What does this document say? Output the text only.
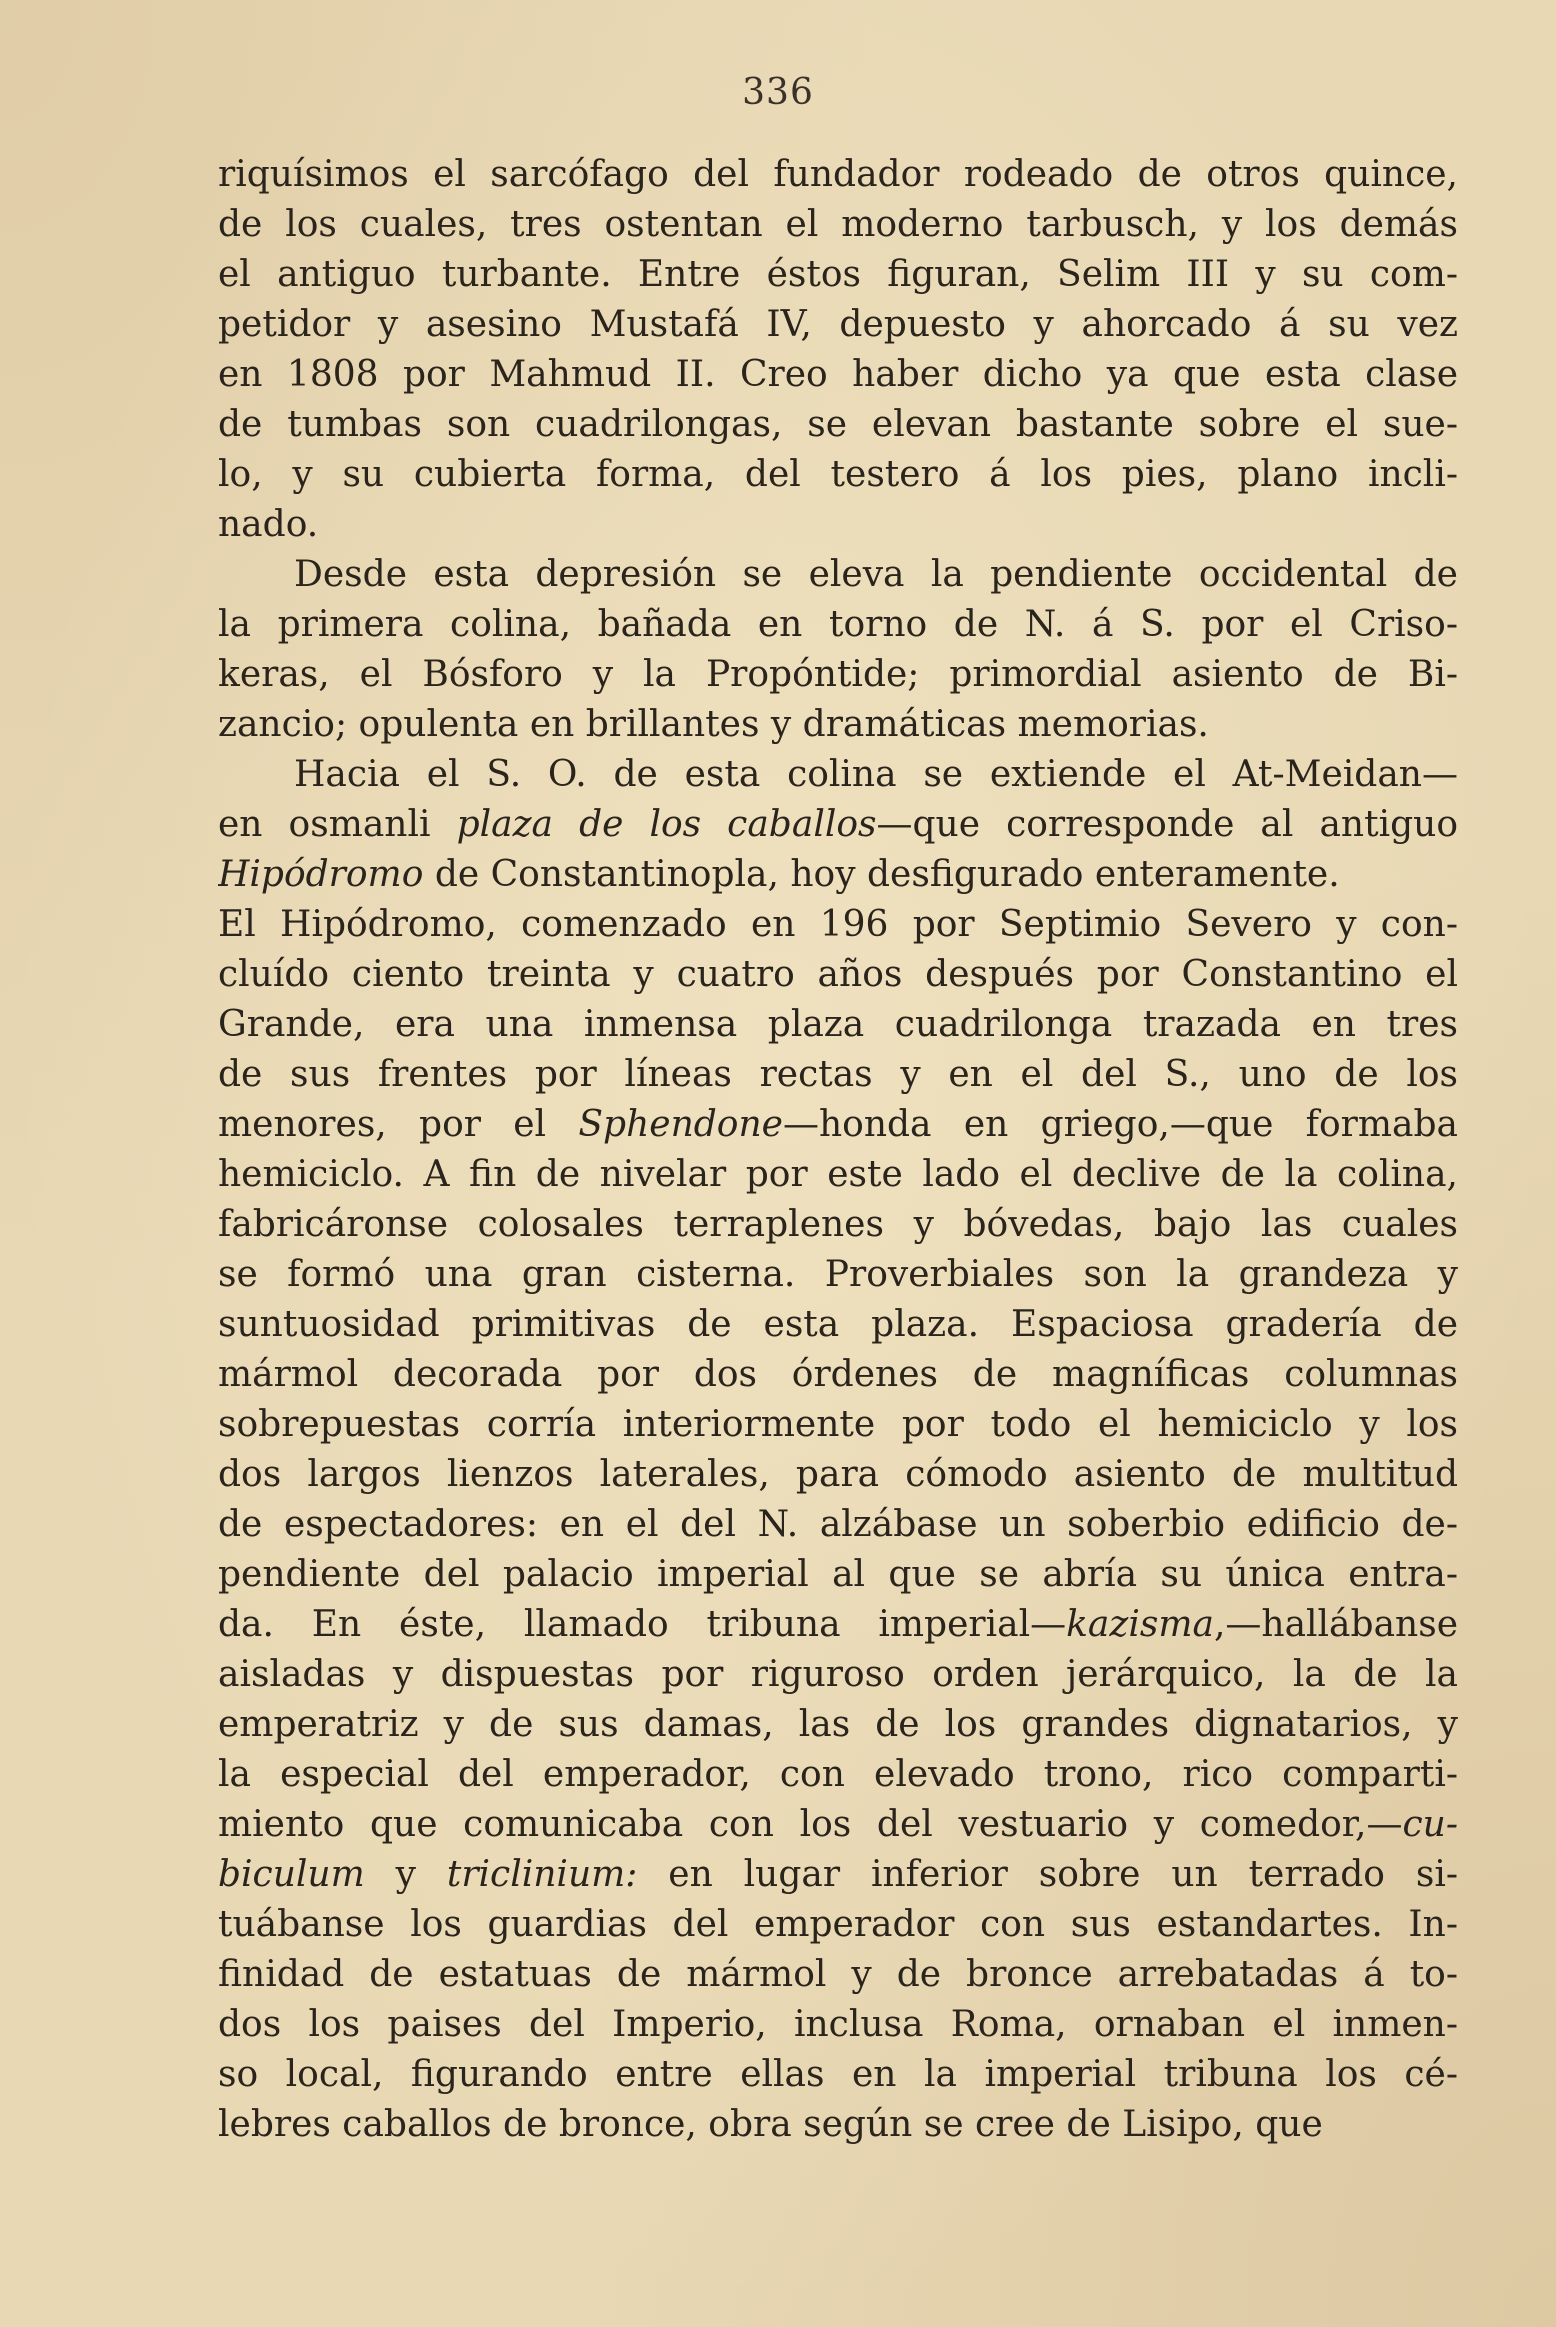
336
riquísimos el sarcófago del fundador rodeado de otros quince,
de los cuales, tres ostentan el moderno tarbusch, y los demás
el antiguo turbante. Entre éstos figuran, Selim III y su com-
petidor y asesino Mustafá IV, depuesto y ahorcado á su vez
en 1808 por Mahmud II. Creo haber dicho ya que esta clase
de tumbas son cuadrilongas, se elevan bastante sobre el sue-
lo, y su cubierta forma, del testero á los pies, plano incli-
nado.
Desde esta depresión se eleva la pendiente occidental de
la primera colina, bañada en torno de N. á S. por el Criso-
keras, el Bósforo y la Propóntide; primordial asiento de Bi-
zancio; opulenta en brillantes y dramáticas memorias.
Hacia el S. O. de esta colina se extiende el At-Meidan—
en osmanli plaza de los caballos—que corresponde al antiguo
Hipódromo de Constantinopla, hoy desfigurado enteramente.
El Hipódromo, comenzado en 196 por Septimio Severo y con-
cluído ciento treinta y cuatro años después por Constantino el
Grande, era una inmensa plaza cuadrilonga trazada en tres
de sus frentes por líneas rectas y en el del S., uno de los
menores, por el Sphendone—honda en griego,—que formaba
hemiciclo. A fin de nivelar por este lado el declive de la colina,
fabricáronse colosales terraplenes y bóvedas, bajo las cuales
se formó una gran cisterna. Proverbiales son la grandeza y
suntuosidad primitivas de esta plaza. Espaciosa gradería de
mármol decorada por dos órdenes de magníficas columnas
sobrepuestas corría interiormente por todo el hemiciclo y los
dos largos lienzos laterales, para cómodo asiento de multitud
de espectadores: en el del N. alzábase un soberbio edificio de-
pendiente del palacio imperial al que se abría su única entra-
da. En éste, llamado tribuna imperial—kazisma,—hallábanse
aisladas y dispuestas por riguroso orden jerárquico, la de la
emperatriz y de sus damas, las de los grandes dignatarios, y
la especial del emperador, con elevado trono, rico comparti-
miento que comunicaba con los del vestuario y comedor,—cu-
biculum y triclinium: en lugar inferior sobre un terrado si-
tuábanse los guardias del emperador con sus estandartes. In-
finidad de estatuas de mármol y de bronce arrebatadas á to-
dos los paises del Imperio, inclusa Roma, ornaban el inmen-
so local, figurando entre ellas en la imperial tribuna los cé-
lebres caballos de bronce, obra según se cree de Lisipo, que
